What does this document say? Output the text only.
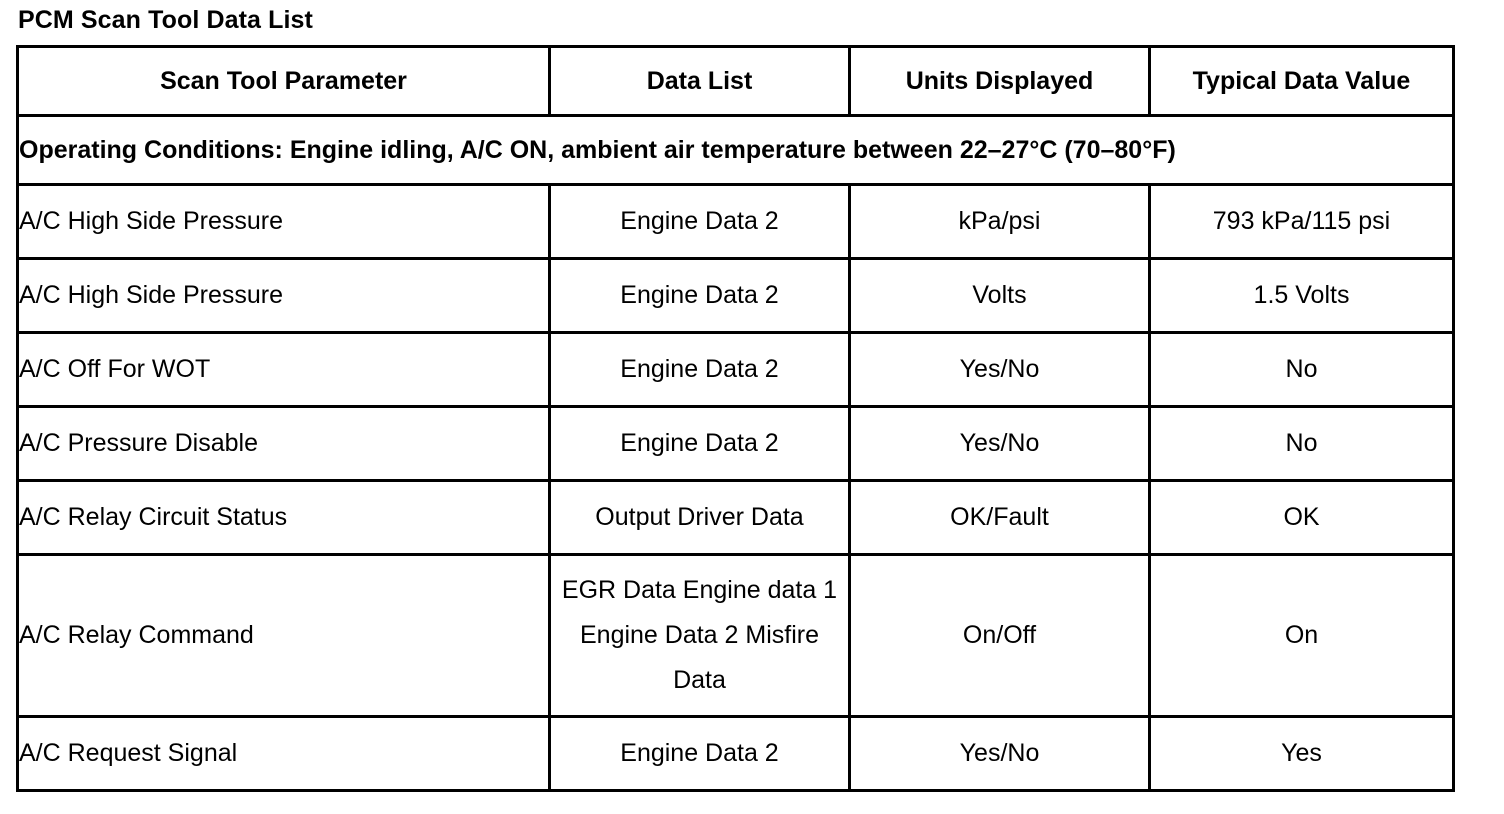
PCM Scan Tool Data List
Scan Tool Parameter	Data List	Units Displayed	Typical Data Value
Operating Conditions: Engine idling, A/C ON, ambient air temperature between 22–27°C (70–80°F)			
A/C High Side Pressure	Engine Data 2	kPa/psi	793 kPa/115 psi
A/C High Side Pressure	Engine Data 2	Volts	1.5 Volts
A/C Off For WOT	Engine Data 2	Yes/No	No
A/C Pressure Disable	Engine Data 2	Yes/No	No
A/C Relay Circuit Status	Output Driver Data	OK/Fault	OK
A/C Relay Command	EGR Data Engine data 1 Engine Data 2 Misfire Data	On/Off	On
A/C Request Signal	Engine Data 2	Yes/No	Yes
